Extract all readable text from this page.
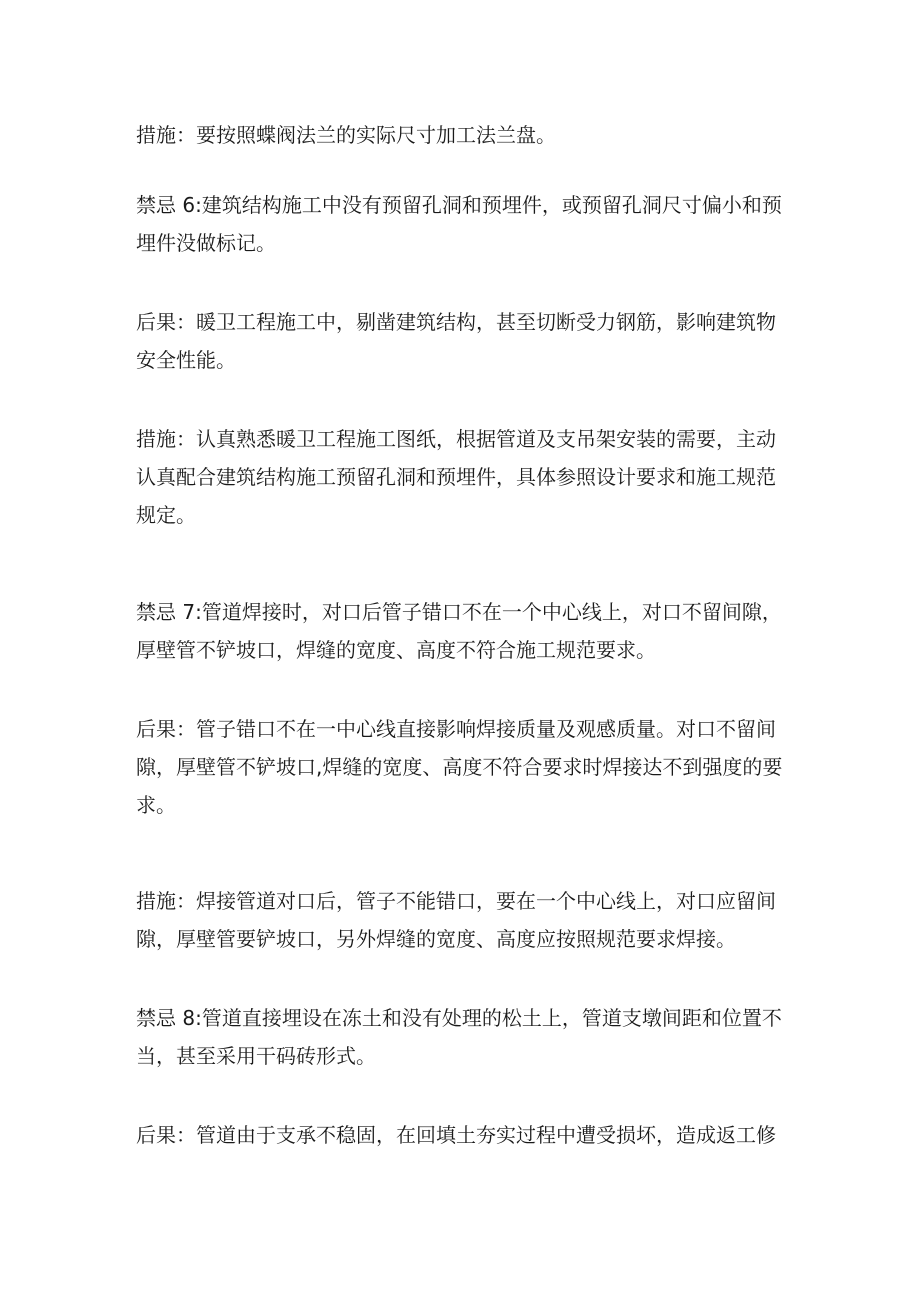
措施：要按照蝶阀法兰的实际尺寸加工法兰盘。

禁忌 6:建筑结构施工中没有预留孔洞和预埋件，或预留孔洞尺寸偏小和预
埋件没做标记。

后果：暖卫工程施工中，剔凿建筑结构，甚至切断受力钢筋，影响建筑物
安全性能。

措施：认真熟悉暖卫工程施工图纸，根据管道及支吊架安装的需要，主动
认真配合建筑结构施工预留孔洞和预埋件，具体参照设计要求和施工规范
规定。

禁忌 7:管道焊接时，对口后管子错口不在一个中心线上，对口不留间隙，
厚壁管不铲坡口，焊缝的宽度、高度不符合施工规范要求。

后果：管子错口不在一中心线直接影响焊接质量及观感质量。对口不留间
隙，厚壁管不铲坡口,焊缝的宽度、高度不符合要求时焊接达不到强度的要
求。

措施：焊接管道对口后，管子不能错口，要在一个中心线上，对口应留间
隙，厚壁管要铲坡口，另外焊缝的宽度、高度应按照规范要求焊接。

禁忌 8:管道直接埋设在冻土和没有处理的松土上，管道支墩间距和位置不
当，甚至采用干码砖形式。

后果：管道由于支承不稳固，在回填土夯实过程中遭受损坏，造成返工修
